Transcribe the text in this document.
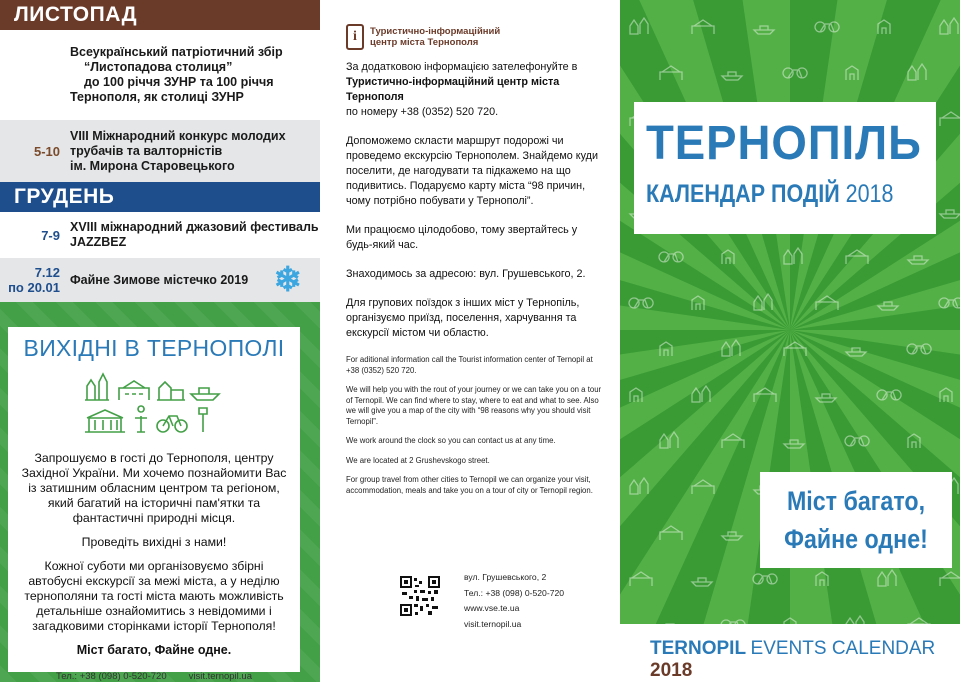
ЛИСТОПАД
Всеукраїнський патріотичний збір
“Листопадова столиця”
до 100 річчя ЗУНР та 100 річчя
Тернополя, як столиці ЗУНР
5-10
VIII Міжнародний конкурс молодих
трубачів та валторністів
ім. Мирона Старовецького
ГРУДЕНЬ
7-9
XVIII міжнародний джазовий фестиваль
JAZZBEZ
7.12
по 20.01
Файне Зимове містечко 2019 ❄
ВИХІДНІ В ТЕРНОПОЛІ
Запрошуємо в гості до Тернополя, центру Західної України. Ми хочемо познайомити Вас із затишним обласним центром та регіоном, який багатий на історичні пам'ятки та фантастичні природні місця.
Проведіть вихідні з нами!
Кожної суботи ми організовуємо збірні автобусні екскурсії за межі міста, а у неділю тернополяни та гості міста мають можливість детальніше ознайомитись з невідомими і загадковими сторінками історії Тернополя!
Міст багато, Файне одне.
Тел.: +38 (098) 0-520-720 visit.ternopil.ua
i	Туристично-інформаційний
центр міста Тернополя
За додатковою інформацією зателефонуйте в
Туристично-інформаційний центр міста Тернополя
по номеру +38 (0352) 520 720.
Допоможемо скласти маршрут подорожі чи проведемо екскурсію Тернополем. Знайдемо куди поселити, де нагодувати та підкажемо на що подивитись. Подаруємо карту міста “98 причин, чому потрібно побувати у Тернополі”.
Ми працюємо цілодобово, тому звертайтесь у будь-який час.
Знаходимось за адресою: вул. Грушевського, 2.
Для групових поїздок з інших міст у Тернопіль, організуємо приїзд, поселення, харчування та екскурсії містом чи областю.
For aditional information call the Tourist information center of Ternopil at +38 (0352) 520 720.
We will help you with the rout of your journey or we can take you on a tour of Ternopil. We can find where to stay, where to eat and what to see. Also we will give you a map of the city with “98 reasons why you should visit Ternopil”.
We work around the clock so you can contact us at any time.
We are located at 2 Grushevskogo street.
For group travel from other cities to Ternopil we can organize your visit, accommodation, meals and take you on a tour of city or Ternopil region.
вул. Грушевського, 2
Тел.: +38 (098) 0-520-720
www.vse.te.ua
visit.ternopil.ua
ТЕРНОПІЛЬ
КАЛЕНДАР ПОДІЙ 2018
Міст багато,
Файне одне!
TERNOPIL EVENTS CALENDAR 2018
